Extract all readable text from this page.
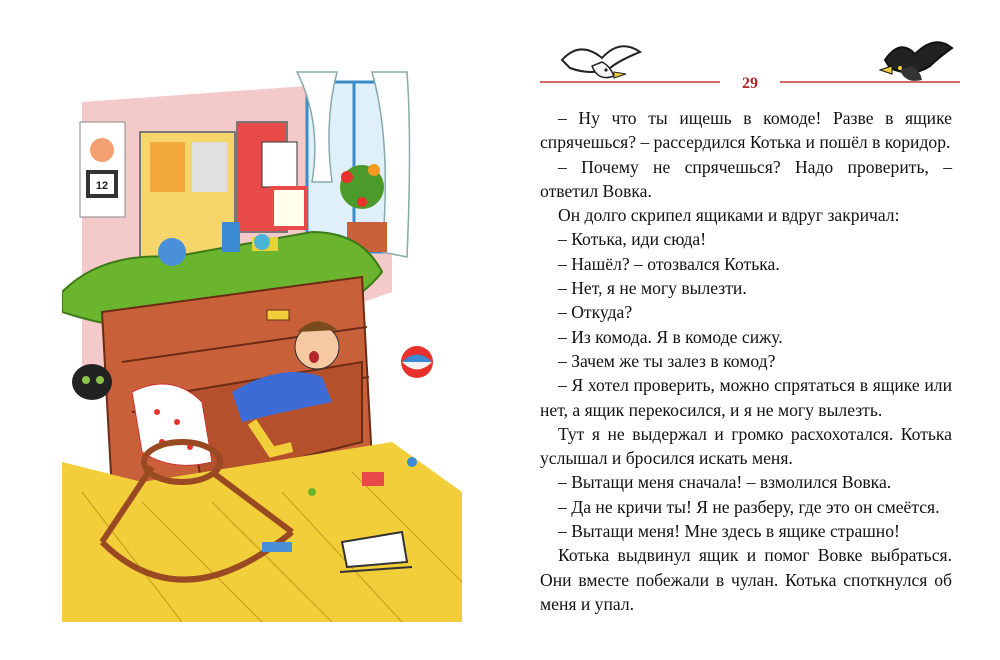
12
29

– Ну что ты ищешь в комоде! Разве в ящике спрячешься? – рассердился Котька и пошёл в коридор.

– Почему не спрячешься? Надо проверить, – ответил Вовка.

Он долго скрипел ящиками и вдруг закричал:

– Котька, иди сюда!

– Нашёл? – отозвался Котька.

– Нет, я не могу вылезти.

– Откуда?

– Из комода. Я в комоде сижу.

– Зачем же ты залез в комод?

– Я хотел проверить, можно спрятаться в ящике или нет, а ящик перекосился, и я не могу вылезть.

Тут я не выдержал и громко расхохотался. Котька услышал и бросился искать меня.

– Вытащи меня сначала! – взмолился Вовка.

– Да не кричи ты! Я не разберу, где это он смеётся.

– Вытащи меня! Мне здесь в ящике страшно!

Котька выдвинул ящик и помог Вовке выбраться. Они вместе побежали в чулан. Котька споткнулся об меня и упал.
